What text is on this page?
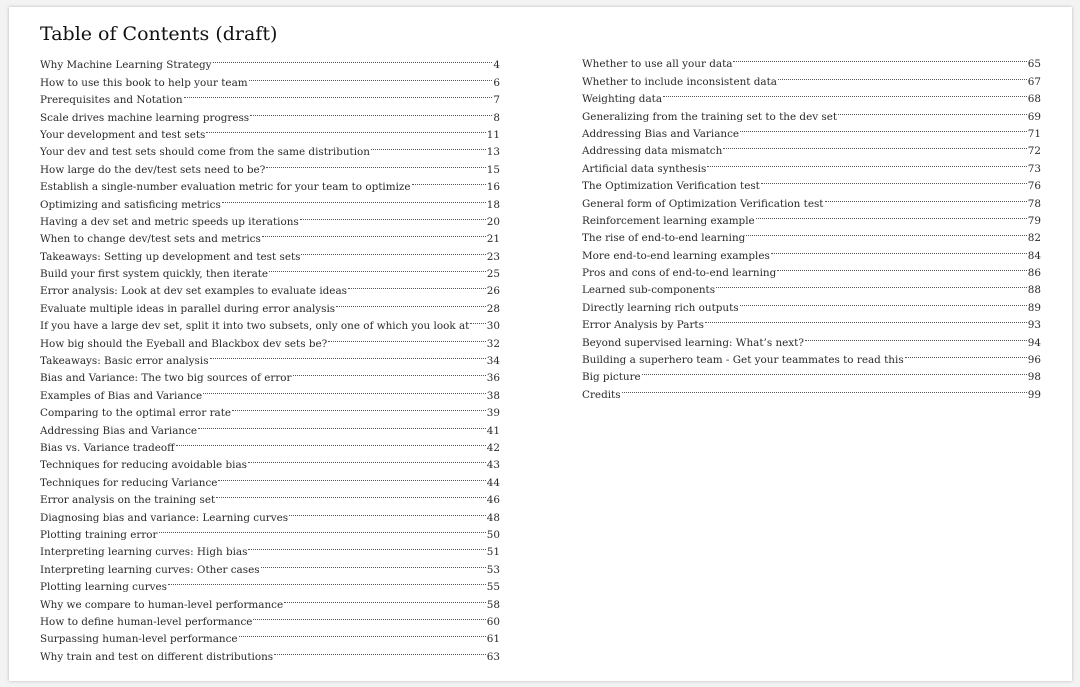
Table of Contents (draft)
Why Machine Learning Strategy	4
How to use this book to help your team	6
Prerequisites and Notation	7
Scale drives machine learning progress	8
Your development and test sets	11
Your dev and test sets should come from the same distribution	13
How large do the dev/test sets need to be?	15
Establish a single-number evaluation metric for your team to optimize	16
Optimizing and satisficing metrics	18
Having a dev set and metric speeds up iterations	20
When to change dev/test sets and metrics	21
Takeaways: Setting up development and test sets	23
Build your first system quickly, then iterate	25
Error analysis: Look at dev set examples to evaluate ideas	26
Evaluate multiple ideas in parallel during error analysis	28
If you have a large dev set, split it into two subsets, only one of which you look at 30
How big should the Eyeball and Blackbox dev sets be?	32
Takeaways: Basic error analysis	34
Bias and Variance: The two big sources of error	36
Examples of Bias and Variance	38
Comparing to the optimal error rate	39
Addressing Bias and Variance	41
Bias vs. Variance tradeoff	42
Techniques for reducing avoidable bias	43
Techniques for reducing Variance	44
Error analysis on the training set	46
Diagnosing bias and variance: Learning curves	48
Plotting training error	50
Interpreting learning curves: High bias	51
Interpreting learning curves: Other cases	53
Plotting learning curves	55
Why we compare to human-level performance	58
How to define human-level performance	60
Surpassing human-level performance	61
Why train and test on different distributions	63
Whether to use all your data	65
Whether to include inconsistent data	67
Weighting data	68
Generalizing from the training set to the dev set	69
Addressing Bias and Variance	71
Addressing data mismatch	72
Artificial data synthesis	73
The Optimization Verification test	76
General form of Optimization Verification test	78
Reinforcement learning example	79
The rise of end-to-end learning	82
More end-to-end learning examples	84
Pros and cons of end-to-end learning	86
Learned sub-components	88
Directly learning rich outputs	89
Error Analysis by Parts	93
Beyond supervised learning: What’s next?	94
Building a superhero team - Get your teammates to read this	96
Big picture	98
Credits	99
